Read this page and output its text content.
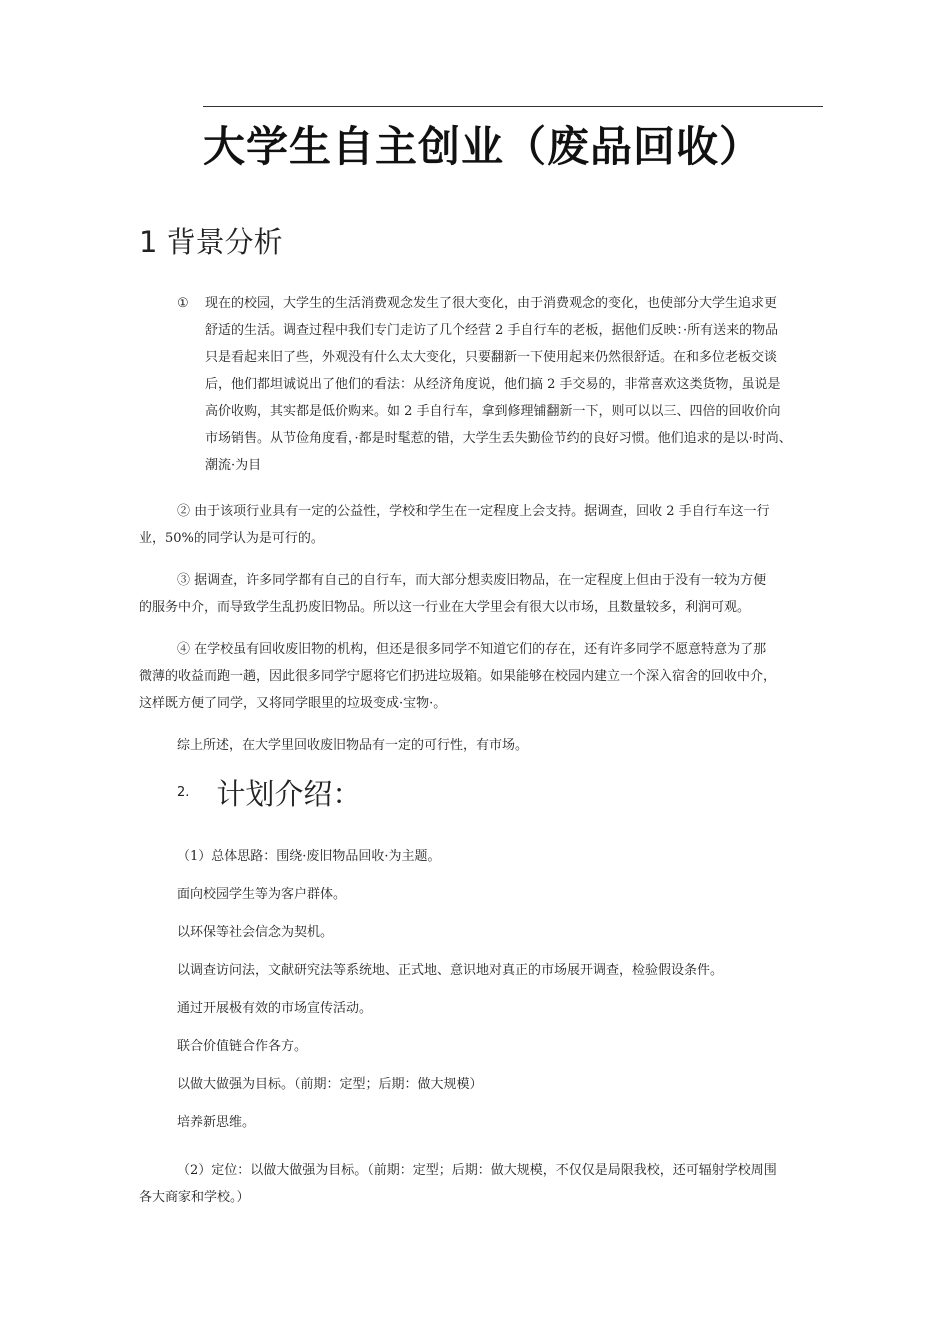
大学生自主创业（废品回收）
1 背景分析
① 现在的校园，大学生的生活消费观念发生了很大变化，由于消费观念的变化，也使部分大学生追求更
舒适的生活。调查过程中我们专门走访了几个经营 2 手自行车的老板，据他们反映：·所有送来的物品
只是看起来旧了些，外观没有什么太大变化，只要翻新一下使用起来仍然很舒适。在和多位老板交谈
后，他们都坦诚说出了他们的看法：从经济角度说，他们搞 2 手交易的，非常喜欢这类货物，虽说是
高价收购，其实都是低价购来。如 2 手自行车，拿到修理铺翻新一下，则可以以三、四倍的回收价向
市场销售。从节俭角度看，·都是时髦惹的错，大学生丢失勤俭节约的良好习惯。他们追求的是以·时尚、
潮流·为目
② 由于该项行业具有一定的公益性，学校和学生在一定程度上会支持。据调查，回收 2 手自行车这一行
业，50%的同学认为是可行的。
③ 据调查，许多同学都有自己的自行车，而大部分想卖废旧物品，在一定程度上但由于没有一较为方便
的服务中介，而导致学生乱扔废旧物品。所以这一行业在大学里会有很大以市场，且数量较多，利润可观。
④ 在学校虽有回收废旧物的机构，但还是很多同学不知道它们的存在，还有许多同学不愿意特意为了那
微薄的收益而跑一趟，因此很多同学宁愿将它们扔进垃圾箱。如果能够在校园内建立一个深入宿舍的回收中介，
这样既方便了同学，又将同学眼里的垃圾变成·宝物·。
综上所述，在大学里回收废旧物品有一定的可行性，有市场。
2. 计划介绍：
（1）总体思路：围绕·废旧物品回收·为主题。
面向校园学生等为客户群体。
以环保等社会信念为契机。
以调查访问法，文献研究法等系统地、正式地、意识地对真正的市场展开调查，检验假设条件。
通过开展极有效的市场宣传活动。
联合价值链合作各方。
以做大做强为目标。（前期：定型；后期：做大规模）
培养新思维。
（2）定位：以做大做强为目标。（前期：定型；后期：做大规模，不仅仅是局限我校，还可辐射学校周围
各大商家和学校。）
